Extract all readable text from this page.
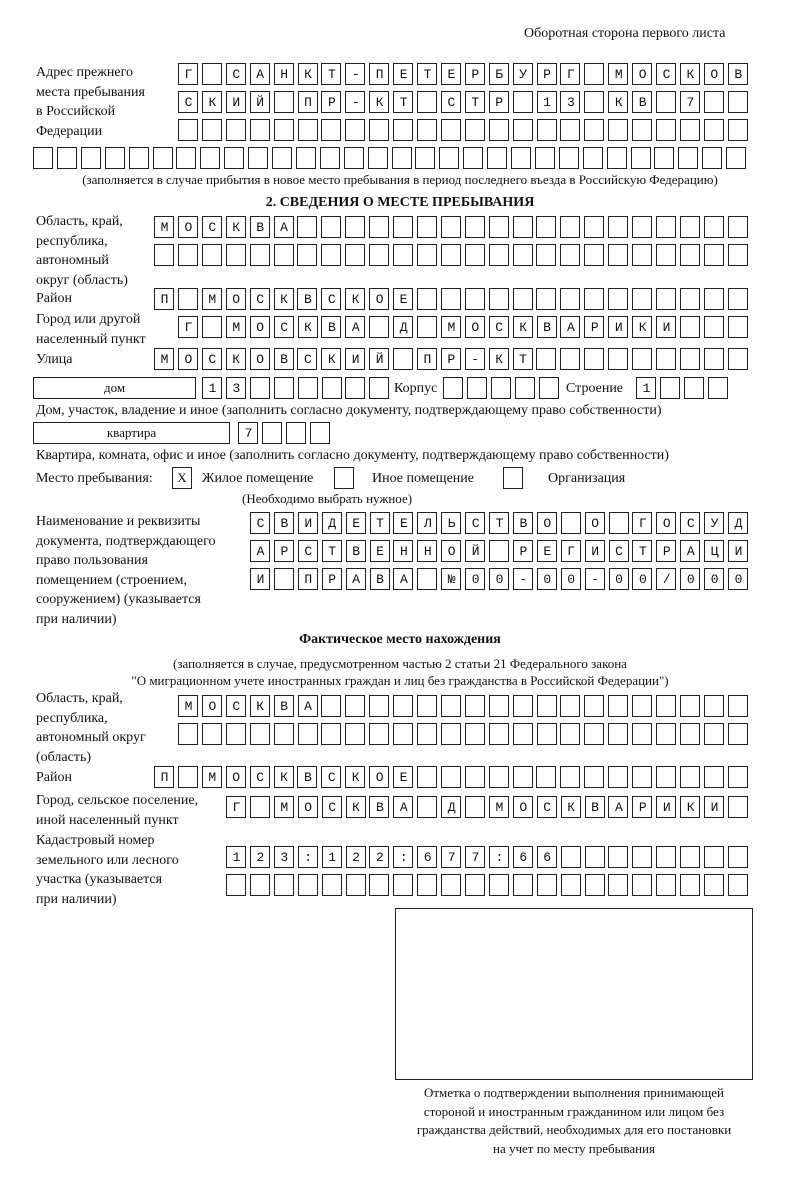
Оборотная сторона первого листа
Адрес прежнего
места пребывания
в Российской
Федерации
Г САНКТ-ПЕТЕРБУРГ МОСКОВ
СКИЙ ПР-КТ СТР 13 КВ 7
(заполняется в случае прибытия в новое место пребывания в период последнего въезда в Российскую Федерацию)
2. СВЕДЕНИЯ О МЕСТЕ ПРЕБЫВАНИЯ
Область, край,
республика,
автономный
округ (область)
МОСКВА
Район	П МОСКВСКОЕ
Город или другой
населенный пункт
Г МОСКВА Д МОСКВАРИКИ
Улица	МОСКОВСКИЙ ПР-КТ
дом	13	Корпус	Строение	1
Дом, участок, владение и иное (заполнить согласно документу, подтверждающему право собственности)
квартира	7
Квартира, комната, офис и иное (заполнить согласно документу, подтверждающему право собственности)
Место пребывания:	Х	Жилое помещение	Иное помещение	Организация
(Необходимо выбрать нужное)
Наименование и реквизиты
документа, подтверждающего
право пользования
помещением (строением,
сооружением) (указывается
при наличии)
СВИДЕТЕЛЬСТВО О ГОСУД
АРСТВЕННОЙ РЕГИСТРАЦИ
И ПРАВА №00-00-00/000
Фактическое место нахождения
(заполняется в случае, предусмотренном частью 2 статьи 21 Федерального закона
"О миграционном учете иностранных граждан и лиц без гражданства в Российской Федерации")
Область, край,
республика,
автономный округ
(область)
МОСКВА
Район	П МОСКВСКОЕ
Город, сельское поселение,
иной населенный пункт
Г МОСКВА Д МОСКВАРИКИ
Кадастровый номер
земельного или лесного
участка (указывается
при наличии)
123:122:677:66
Отметка о подтверждении выполнения принимающей
стороной и иностранным гражданином или лицом без
гражданства действий, необходимых для его постановки
на учет по месту пребывания
